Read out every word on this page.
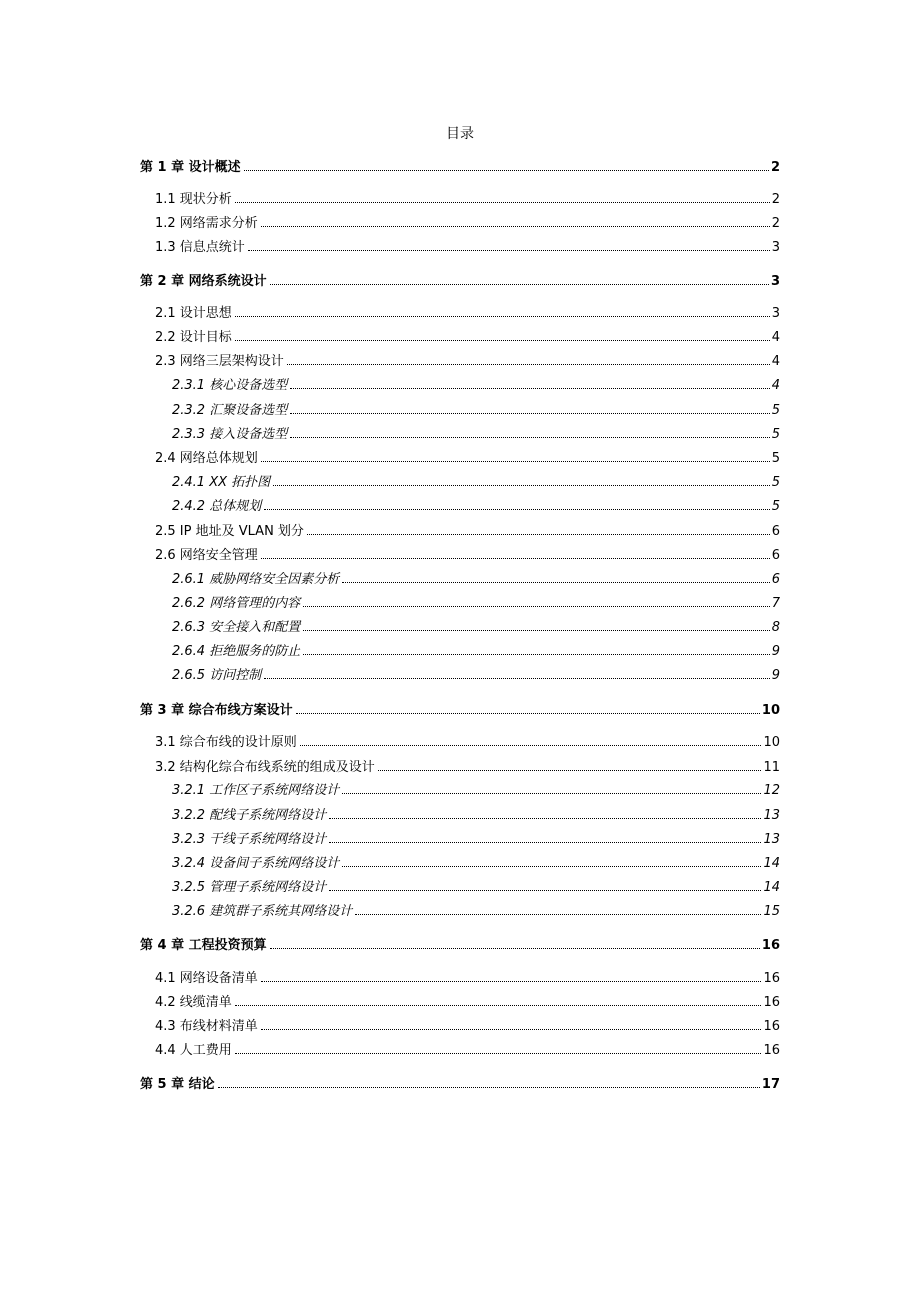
目录
第 1 章 设计概述	2
1.1 现状分析	2
1.2 网络需求分析	2
1.3 信息点统计	3
第 2 章 网络系统设计	3
2.1 设计思想	3
2.2 设计目标	4
2.3 网络三层架构设计	4
2.3.1 核心设备选型	4
2.3.2 汇聚设备选型	5
2.3.3 接入设备选型	5
2.4 网络总体规划	5
2.4.1 XX 拓扑图	5
2.4.2 总体规划	5
2.5 IP 地址及 VLAN 划分	6
2.6 网络安全管理	6
2.6.1 威胁网络安全因素分析	6
2.6.2 网络管理的内容	7
2.6.3 安全接入和配置	8
2.6.4 拒绝服务的防止	9
2.6.5 访问控制	9
第 3 章 综合布线方案设计	10
3.1 综合布线的设计原则	10
3.2 结构化综合布线系统的组成及设计	11
3.2.1 工作区子系统网络设计	12
3.2.2 配线子系统网络设计	13
3.2.3 干线子系统网络设计	13
3.2.4 设备间子系统网络设计	14
3.2.5 管理子系统网络设计	14
3.2.6 建筑群子系统其网络设计	15
第 4 章 工程投资预算	16
4.1 网络设备清单	16
4.2 线缆清单	16
4.3 布线材料清单	16
4.4 人工费用	16
第 5 章 结论	17
